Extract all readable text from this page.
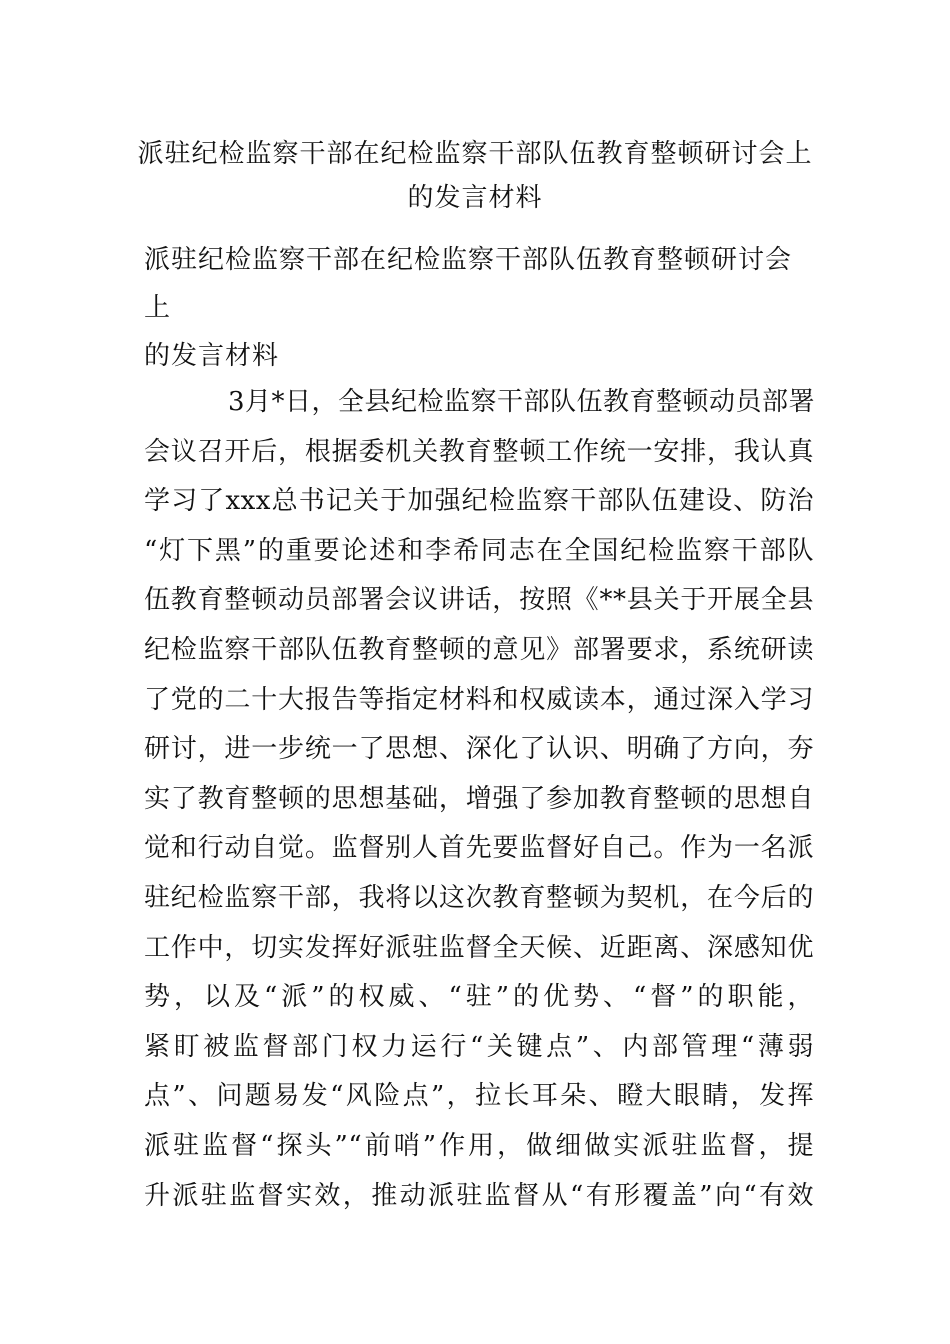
派驻纪检监察干部在纪检监察干部队伍教育整顿研讨会上
的发言材料
派驻纪检监察干部在纪检监察干部队伍教育整顿研讨会上
的发言材料
3月*日，全县纪检监察干部队伍教育整顿动员部署
会议召开后，根据委机关教育整顿工作统一安排，我认真
学习了xxx总书记关于加强纪检监察干部队伍建设、防治
“灯下黑”的重要论述和李希同志在全国纪检监察干部队
伍教育整顿动员部署会议讲话，按照《**县关于开展全县
纪检监察干部队伍教育整顿的意见》部署要求，系统研读
了党的二十大报告等指定材料和权威读本，通过深入学习
研讨，进一步统一了思想、深化了认识、明确了方向，夯
实了教育整顿的思想基础，增强了参加教育整顿的思想自
觉和行动自觉。监督别人首先要监督好自己。作为一名派
驻纪检监察干部，我将以这次教育整顿为契机，在今后的
工作中，切实发挥好派驻监督全天候、近距离、深感知优
势，以及“派”的权威、“驻”的优势、“督”的职能，
紧盯被监督部门权力运行“关键点”、内部管理“薄弱
点”、问题易发“风险点”，拉长耳朵、瞪大眼睛，发挥
派驻监督“探头”“前哨”作用，做细做实派驻监督，提
升派驻监督实效，推动派驻监督从“有形覆盖”向“有效
